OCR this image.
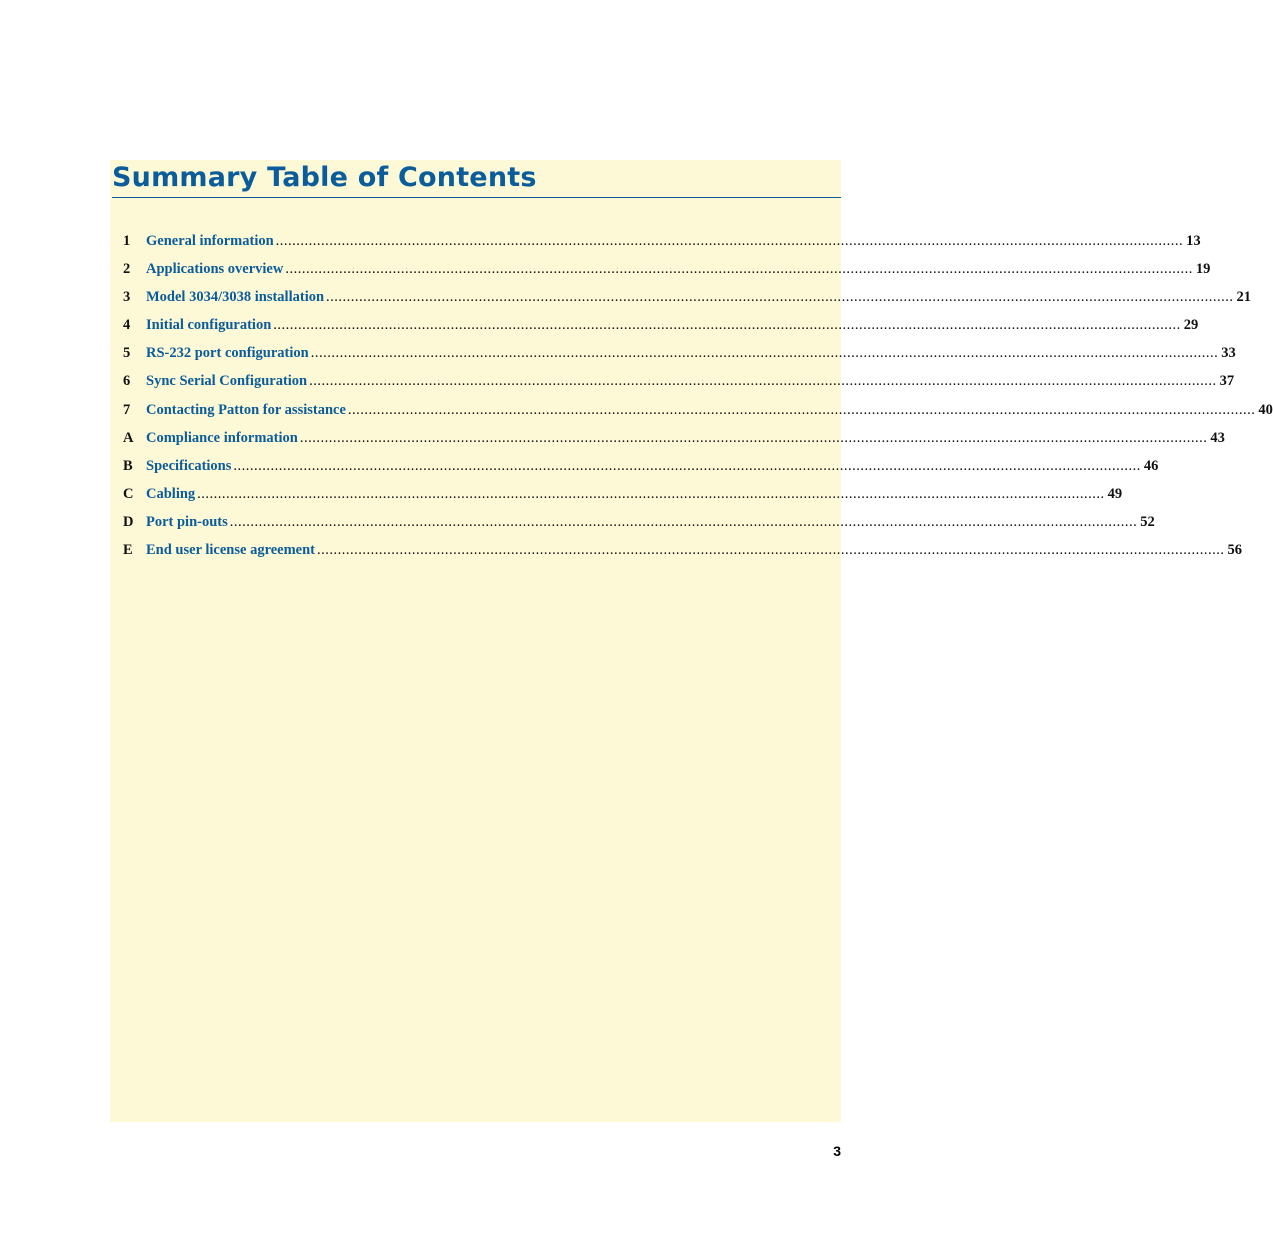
Summary Table of Contents
1	General information ............................................................................................................................................................................................................................ 13
2	Applications overview ............................................................................................................................................................................................................................ 19
3	Model 3034/3038 installation ............................................................................................................................................................................................................................ 21
4	Initial configuration ............................................................................................................................................................................................................................ 29
5	RS-232 port configuration ............................................................................................................................................................................................................................ 33
6	Sync Serial Configuration ............................................................................................................................................................................................................................ 37
7	Contacting Patton for assistance ............................................................................................................................................................................................................................ 40
A Compliance information ............................................................................................................................................................................................................................ 43
B Specifications ............................................................................................................................................................................................................................ 46
C Cabling ............................................................................................................................................................................................................................ 49
D Port pin-outs ............................................................................................................................................................................................................................ 52
E End user license agreement ............................................................................................................................................................................................................................ 56
3
